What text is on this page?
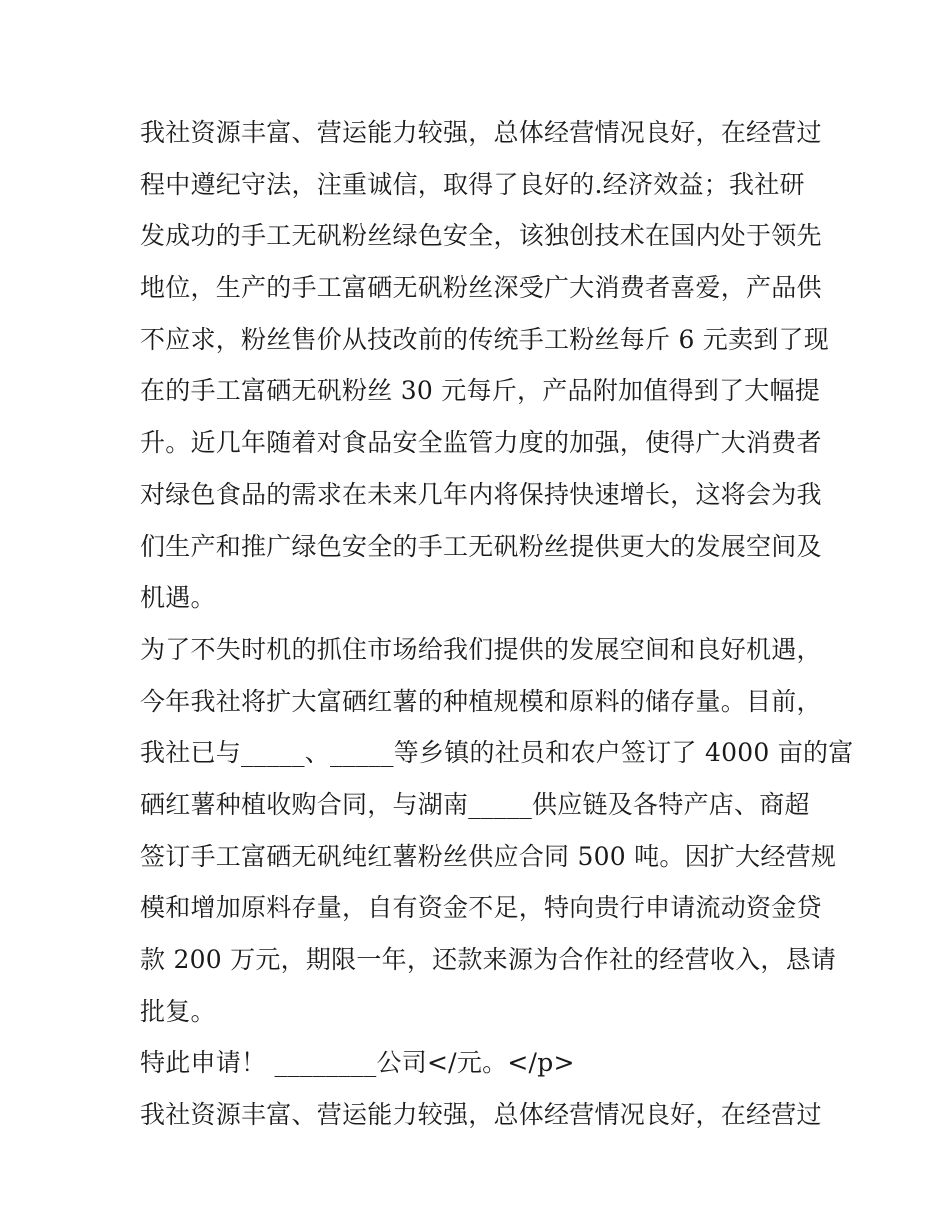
我社资源丰富、营运能力较强，总体经营情况良好，在经营过
程中遵纪守法，注重诚信，取得了良好的.经济效益；我社研
发成功的手工无矾粉丝绿色安全，该独创技术在国内处于领先
地位，生产的手工富硒无矾粉丝深受广大消费者喜爱，产品供
不应求，粉丝售价从技改前的传统手工粉丝每斤 6 元卖到了现
在的手工富硒无矾粉丝 30 元每斤，产品附加值得到了大幅提
升。近几年随着对食品安全监管力度的加强，使得广大消费者
对绿色食品的需求在未来几年内将保持快速增长，这将会为我
们生产和推广绿色安全的手工无矾粉丝提供更大的发展空间及
机遇。
为了不失时机的抓住市场给我们提供的发展空间和良好机遇，
今年我社将扩大富硒红薯的种植规模和原料的储存量。目前，
我社已与_____、_____等乡镇的社员和农户签订了 4000 亩的富
硒红薯种植收购合同，与湖南_____供应链及各特产店、商超
签订手工富硒无矾纯红薯粉丝供应合同 500 吨。因扩大经营规
模和增加原料存量，自有资金不足，特向贵行申请流动资金贷
款 200 万元，期限一年，还款来源为合作社的经营收入，恳请
批复。
特此申请！ ________公司</元。</p>
我社资源丰富、营运能力较强，总体经营情况良好，在经营过
